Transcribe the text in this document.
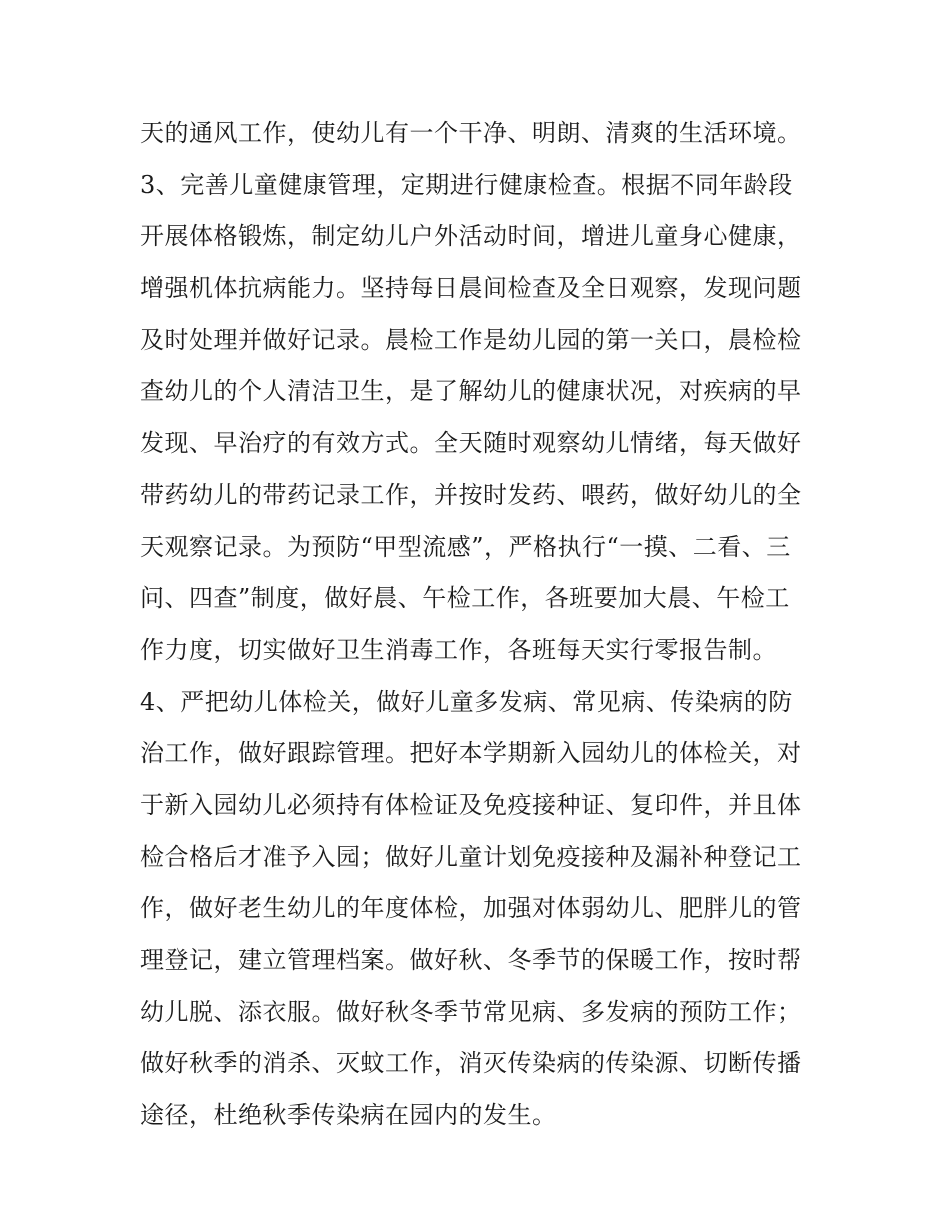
天的通风工作，使幼儿有一个干净、明朗、清爽的生活环境。
3、完善儿童健康管理，定期进行健康检查。根据不同年龄段
开展体格锻炼，制定幼儿户外活动时间，增进儿童身心健康，
增强机体抗病能力。坚持每日晨间检查及全日观察，发现问题
及时处理并做好记录。晨检工作是幼儿园的第一关口，晨检检
查幼儿的个人清洁卫生，是了解幼儿的健康状况，对疾病的早
发现、早治疗的有效方式。全天随时观察幼儿情绪，每天做好
带药幼儿的带药记录工作，并按时发药、喂药，做好幼儿的全
天观察记录。为预防“甲型流感”，严格执行“一摸、二看、三
问、四查”制度，做好晨、午检工作，各班要加大晨、午检工
作力度，切实做好卫生消毒工作，各班每天实行零报告制。
4、严把幼儿体检关，做好儿童多发病、常见病、传染病的防
治工作，做好跟踪管理。把好本学期新入园幼儿的体检关，对
于新入园幼儿必须持有体检证及免疫接种证、复印件，并且体
检合格后才准予入园；做好儿童计划免疫接种及漏补种登记工
作，做好老生幼儿的年度体检，加强对体弱幼儿、肥胖儿的管
理登记，建立管理档案。做好秋、冬季节的保暖工作，按时帮
幼儿脱、添衣服。做好秋冬季节常见病、多发病的预防工作；
做好秋季的消杀、灭蚊工作，消灭传染病的传染源、切断传播
途径，杜绝秋季传染病在园内的发生。
